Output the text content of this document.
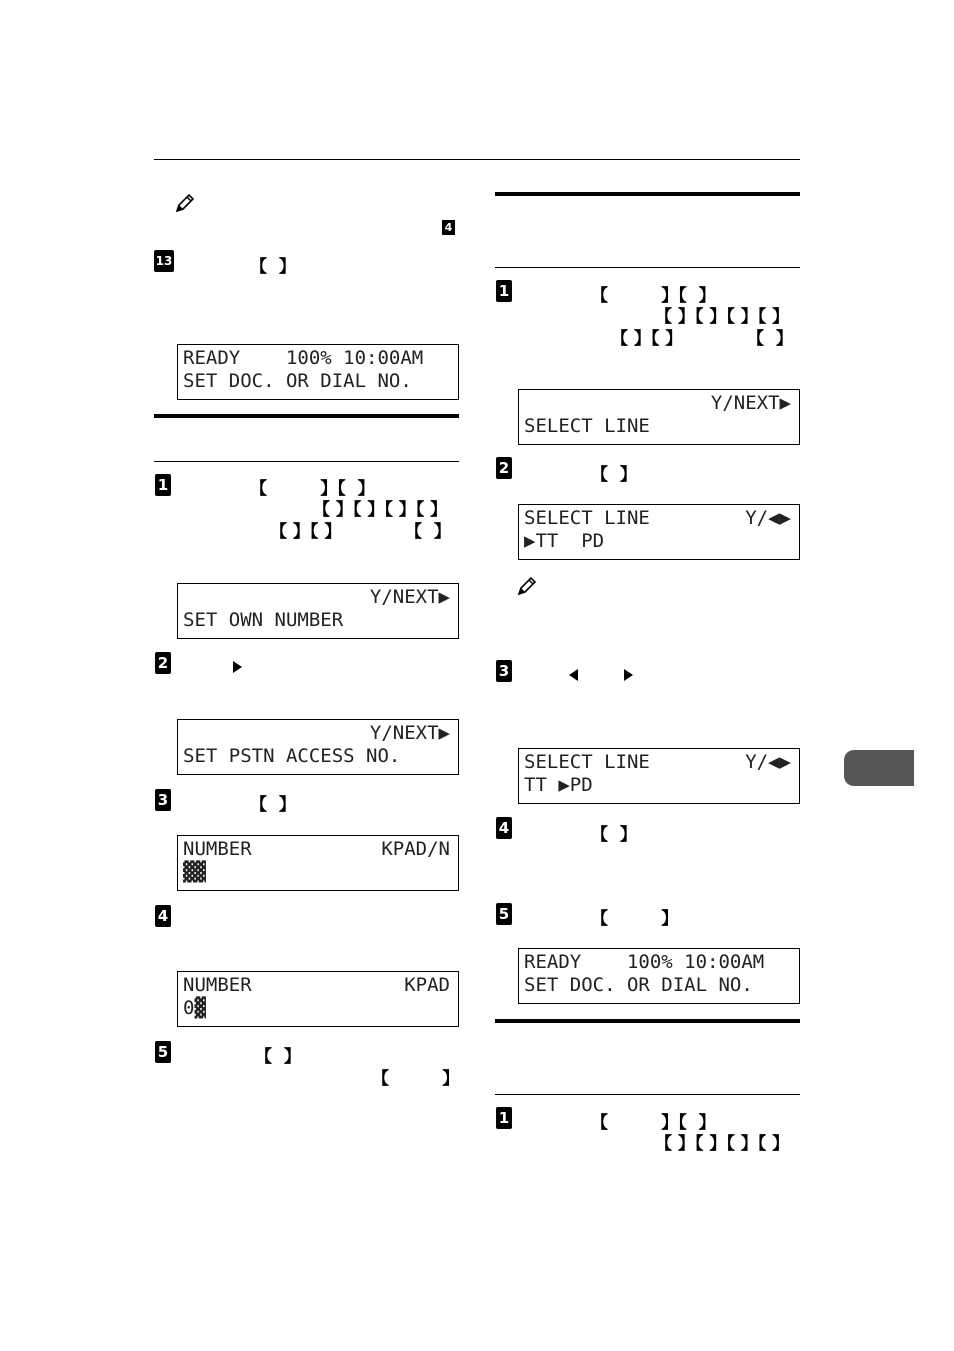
4
13	【  】
READY    100% 10:00AM
SET DOC. OR DIAL NO.
1	【         】【  】
【 】【 】【 】【 】
【 】【 】	【  】
Y/NEXT▶
SET OWN NUMBER
2
Y/NEXT▶
SET PSTN ACCESS NO.
3	【  】
NUMBER	KPAD/N
▓▓
4
NUMBER	KPAD
0▓
5	【  】
【         】
1	【         】【  】
【 】【 】【 】【 】
【 】【 】	【  】
Y/NEXT▶
SELECT LINE
2	【  】
SELECT LINE	Y/◀▶
▶TT  PD
3
SELECT LINE	Y/◀▶
TT ▶PD
4	【  】
5	【         】
READY    100% 10:00AM
SET DOC. OR DIAL NO.
1	【         】【  】
【 】【 】【 】【 】
